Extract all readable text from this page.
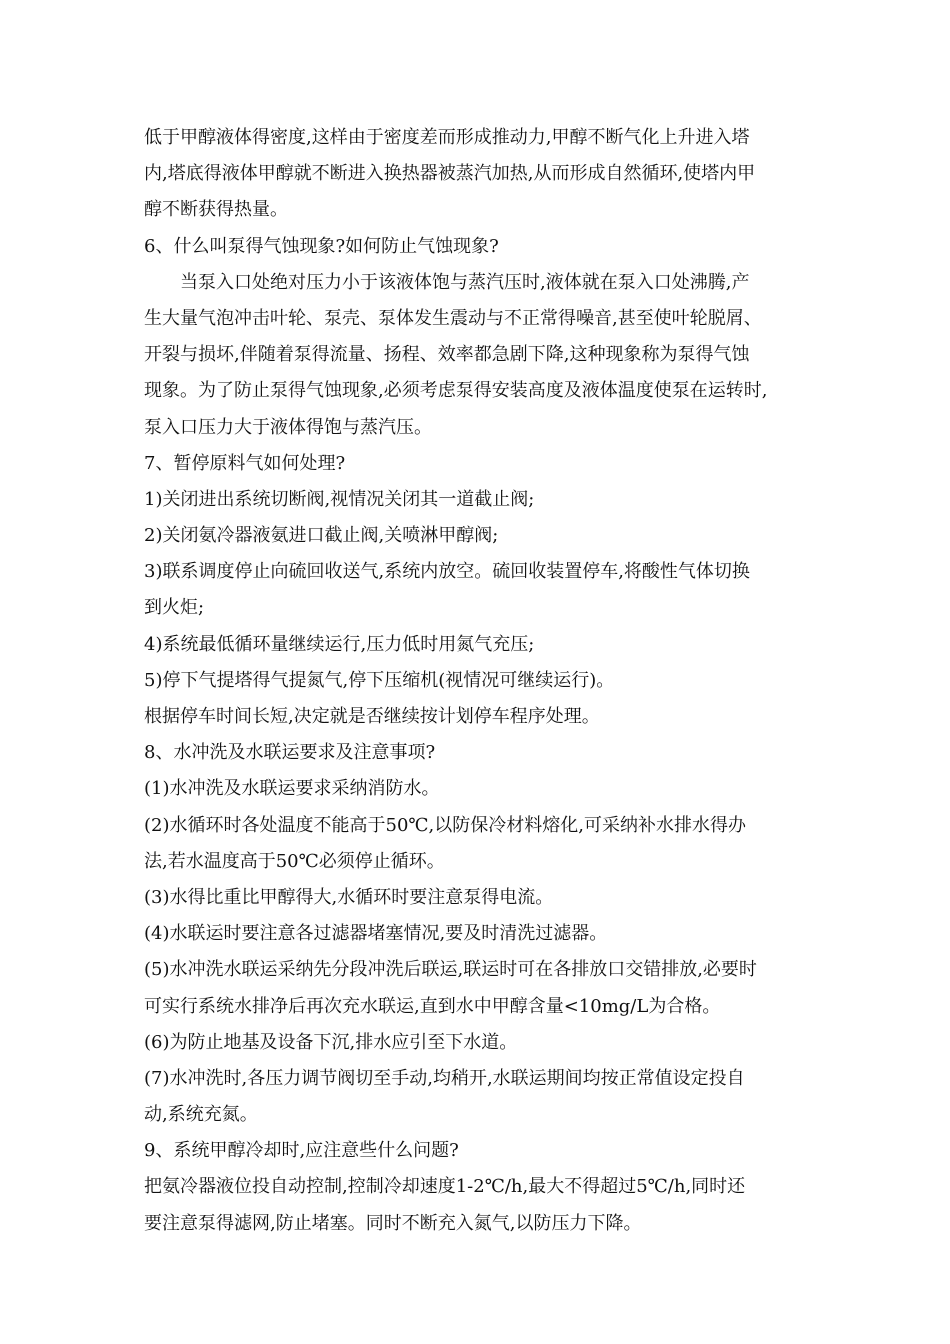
低于甲醇液体得密度,这样由于密度差而形成推动力,甲醇不断气化上升进入塔
内,塔底得液体甲醇就不断进入换热器被蒸汽加热,从而形成自然循环,使塔内甲
醇不断获得热量。
6、什么叫泵得气蚀现象?如何防止气蚀现象?
当泵入口处绝对压力小于该液体饱与蒸汽压时,液体就在泵入口处沸腾,产
生大量气泡冲击叶轮、泵壳、泵体发生震动与不正常得噪音,甚至使叶轮脱屑、
开裂与损坏,伴随着泵得流量、扬程、效率都急剧下降,这种现象称为泵得气蚀
现象。为了防止泵得气蚀现象,必须考虑泵得安装高度及液体温度使泵在运转时,
泵入口压力大于液体得饱与蒸汽压。
7、暂停原料气如何处理?
1)关闭进出系统切断阀,视情况关闭其一道截止阀;
2)关闭氨冷器液氨进口截止阀,关喷淋甲醇阀;
3)联系调度停止向硫回收送气,系统内放空。硫回收装置停车,将酸性气体切换
到火炬;
4)系统最低循环量继续运行,压力低时用氮气充压;
5)停下气提塔得气提氮气,停下压缩机(视情况可继续运行)。
根据停车时间长短,决定就是否继续按计划停车程序处理。
8、水冲洗及水联运要求及注意事项?
(1)水冲洗及水联运要求采纳消防水。
(2)水循环时各处温度不能高于50℃,以防保冷材料熔化,可采纳补水排水得办
法,若水温度高于50℃必须停止循环。
(3)水得比重比甲醇得大,水循环时要注意泵得电流。
(4)水联运时要注意各过滤器堵塞情况,要及时清洗过滤器。
(5)水冲洗水联运采纳先分段冲洗后联运,联运时可在各排放口交错排放,必要时
可实行系统水排净后再次充水联运,直到水中甲醇含量<10mg/L为合格。
(6)为防止地基及设备下沉,排水应引至下水道。
(7)水冲洗时,各压力调节阀切至手动,均稍开,水联运期间均按正常值设定投自
动,系统充氮。
9、系统甲醇冷却时,应注意些什么问题?
把氨冷器液位投自动控制,控制冷却速度1-2℃/h,最大不得超过5℃/h,同时还
要注意泵得滤网,防止堵塞。同时不断充入氮气,以防压力下降。
